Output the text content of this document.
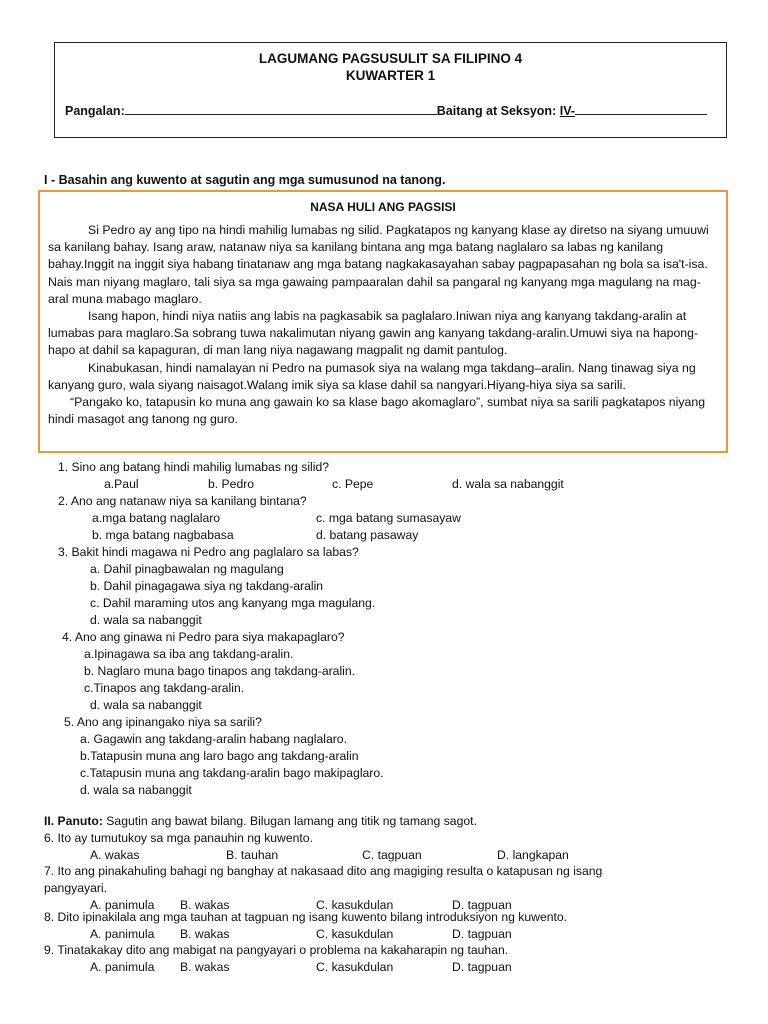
LAGUMANG PAGSUSULIT SA FILIPINO 4
KUWARTER 1
Pangalan:	Baitang at Seksyon: IV-
I - Basahin ang kuwento at sagutin ang mga sumusunod na tanong.
NASA HULI ANG PAGSISI

Si Pedro ay ang tipo na hindi mahilig lumabas ng silid. Pagkatapos ng kanyang klase ay diretso na siyang umuuwi sa kanilang bahay. Isang araw, natanaw niya sa kanilang bintana ang mga batang naglalaro sa labas ng kanilang bahay.Inggit na inggit siya habang tinatanaw ang mga batang nagkakasayahan sabay pagpapasahan ng bola sa isa't-isa. Nais man niyang maglaro, tali siya sa mga gawaing pampaaralan dahil sa pangaral ng kanyang mga magulang na mag-aral muna mabago maglaro.

Isang hapon, hindi niya natiis ang labis na pagkasabik sa paglalaro.Iniwan niya ang kanyang takdang-aralin at lumabas para maglaro.Sa sobrang tuwa nakalimutan niyang gawin ang kanyang takdang-aralin.Umuwi siya na hapong-hapo at dahil sa kapaguran, di man lang niya nagawang magpalit ng damit pantulog.

Kinabukasan, hindi namalayan ni Pedro na pumasok siya na walang mga takdang–aralin. Nang tinawag siya ng kanyang guro, wala siyang naisagot.Walang imik siya sa klase dahil sa nangyari.Hiyang-hiya siya sa sarili.

“Pangako ko, tatapusin ko muna ang gawain ko sa klase bago akomaglaro”, sumbat niya sa sarili pagkatapos niyang hindi masagot ang tanong ng guro.

1. Sino ang batang hindi mahilig lumabas ng silid?
a.Paul	b. Pedro	c. Pepe	d. wala sa nabanggit
2. Ano ang natanaw niya sa kanilang bintana?
a.mga batang naglalaro	c. mga batang sumasayaw
b. mga batang nagbabasa	d. batang pasaway
3. Bakit hindi magawa ni Pedro ang paglalaro sa labas?
a. Dahil pinagbawalan ng magulang
b. Dahil pinagagawa siya ng takdang-aralin
c. Dahil maraming utos ang kanyang mga magulang.
d. wala sa nabanggit
4. Ano ang ginawa ni Pedro para siya makapaglaro?
a.Ipinagawa sa iba ang takdang-aralin.
b. Naglaro muna bago tinapos ang takdang-aralin.
c.Tinapos ang takdang-aralin.
d. wala sa nabanggit
5. Ano ang ipinangako niya sa sarili?
a. Gagawin ang takdang-aralin habang naglalaro.
b.Tatapusin muna ang laro bago ang takdang-aralin
c.Tatapusin muna ang takdang-aralin bago makipaglaro.
d. wala sa nabanggit
II. Panuto: Sagutin ang bawat bilang. Bilugan lamang ang titik ng tamang sagot.
6. Ito ay tumutukoy sa mga panauhin ng kuwento.
A. wakas	B. tauhan	C. tagpuan	D. langkapan
7. Ito ang pinakahuling bahagi ng banghay at nakasaad dito ang magiging resulta o katapusan ng isang
pangyayari.
A. panimula B. wakas	C. kasukdulan	D. tagpuan
8. Dito ipinakilala ang mga tauhan at tagpuan ng isang kuwento bilang introduksiyon ng kuwento.
A. panimula B. wakas	C. kasukdulan	D. tagpuan
9. Tinatakakay dito ang mabigat na pangyayari o problema na kakaharapin ng tauhan.
A. panimula B. wakas	C. kasukdulan	D. tagpuan
